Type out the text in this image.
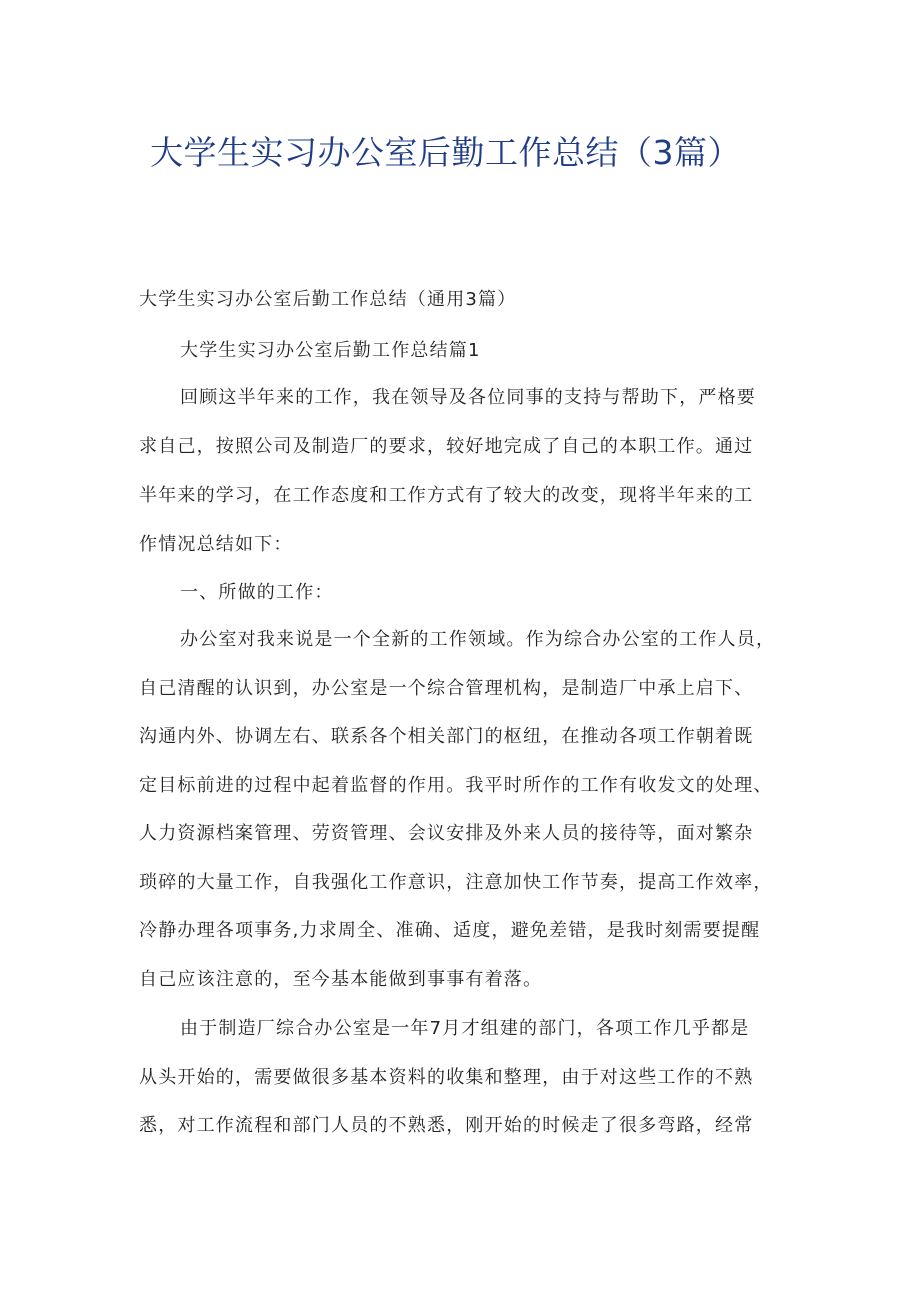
大学生实习办公室后勤工作总结（3篇）
大学生实习办公室后勤工作总结（通用3篇）
大学生实习办公室后勤工作总结篇1
回顾这半年来的工作，我在领导及各位同事的支持与帮助下，严格要
求自己，按照公司及制造厂的要求，较好地完成了自己的本职工作。通过
半年来的学习，在工作态度和工作方式有了较大的改变，现将半年来的工
作情况总结如下：
一、所做的工作：
办公室对我来说是一个全新的工作领域。作为综合办公室的工作人员，
自己清醒的认识到，办公室是一个综合管理机构，是制造厂中承上启下、
沟通内外、协调左右、联系各个相关部门的枢纽，在推动各项工作朝着既
定目标前进的过程中起着监督的作用。我平时所作的工作有收发文的处理、
人力资源档案管理、劳资管理、会议安排及外来人员的接待等，面对繁杂
琐碎的大量工作，自我强化工作意识，注意加快工作节奏，提高工作效率，
冷静办理各项事务,力求周全、准确、适度，避免差错，是我时刻需要提醒
自己应该注意的，至今基本能做到事事有着落。
由于制造厂综合办公室是一年7月才组建的部门，各项工作几乎都是
从头开始的，需要做很多基本资料的收集和整理，由于对这些工作的不熟
悉，对工作流程和部门人员的不熟悉，刚开始的时候走了很多弯路，经常
